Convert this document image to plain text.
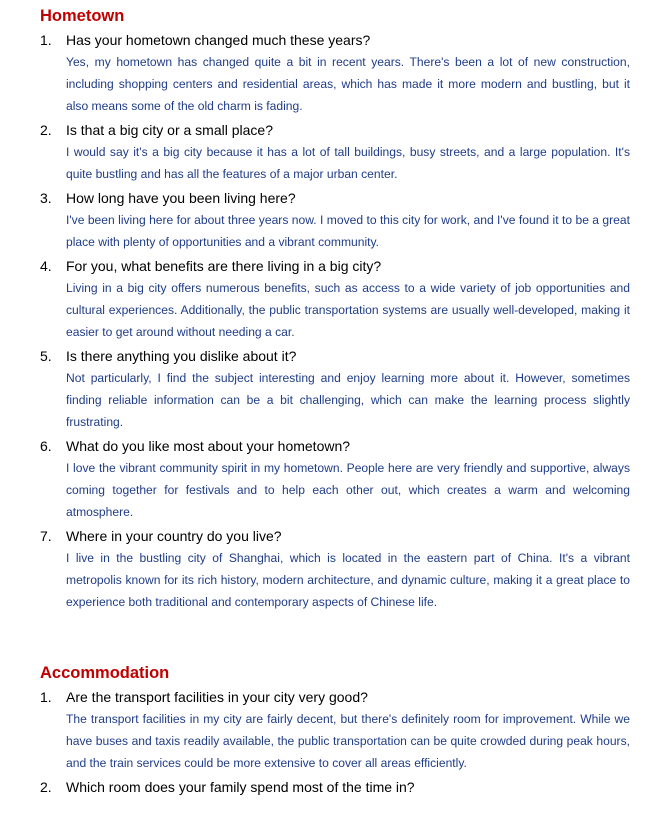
Hometown
1. Has your hometown changed much these years?

Yes, my hometown has changed quite a bit in recent years. There's been a lot of new construction, including shopping centers and residential areas, which has made it more modern and bustling, but it also means some of the old charm is fading.

2. Is that a big city or a small place?

I would say it's a big city because it has a lot of tall buildings, busy streets, and a large population. It's quite bustling and has all the features of a major urban center.

3. How long have you been living here?

I've been living here for about three years now. I moved to this city for work, and I've found it to be a great place with plenty of opportunities and a vibrant community.

4. For you, what benefits are there living in a big city?

Living in a big city offers numerous benefits, such as access to a wide variety of job opportunities and cultural experiences. Additionally, the public transportation systems are usually well-developed, making it easier to get around without needing a car.

5. Is there anything you dislike about it?

Not particularly, I find the subject interesting and enjoy learning more about it. However, sometimes finding reliable information can be a bit challenging, which can make the learning process slightly frustrating.

6. What do you like most about your hometown?

I love the vibrant community spirit in my hometown. People here are very friendly and supportive, always coming together for festivals and to help each other out, which creates a warm and welcoming atmosphere.

7. Where in your country do you live?

I live in the bustling city of Shanghai, which is located in the eastern part of China. It's a vibrant metropolis known for its rich history, modern architecture, and dynamic culture, making it a great place to experience both traditional and contemporary aspects of Chinese life.

Accommodation
1. Are the transport facilities in your city very good?

The transport facilities in my city are fairly decent, but there's definitely room for improvement. While we have buses and taxis readily available, the public transportation can be quite crowded during peak hours, and the train services could be more extensive to cover all areas efficiently.

2. Which room does your family spend most of the time in?
